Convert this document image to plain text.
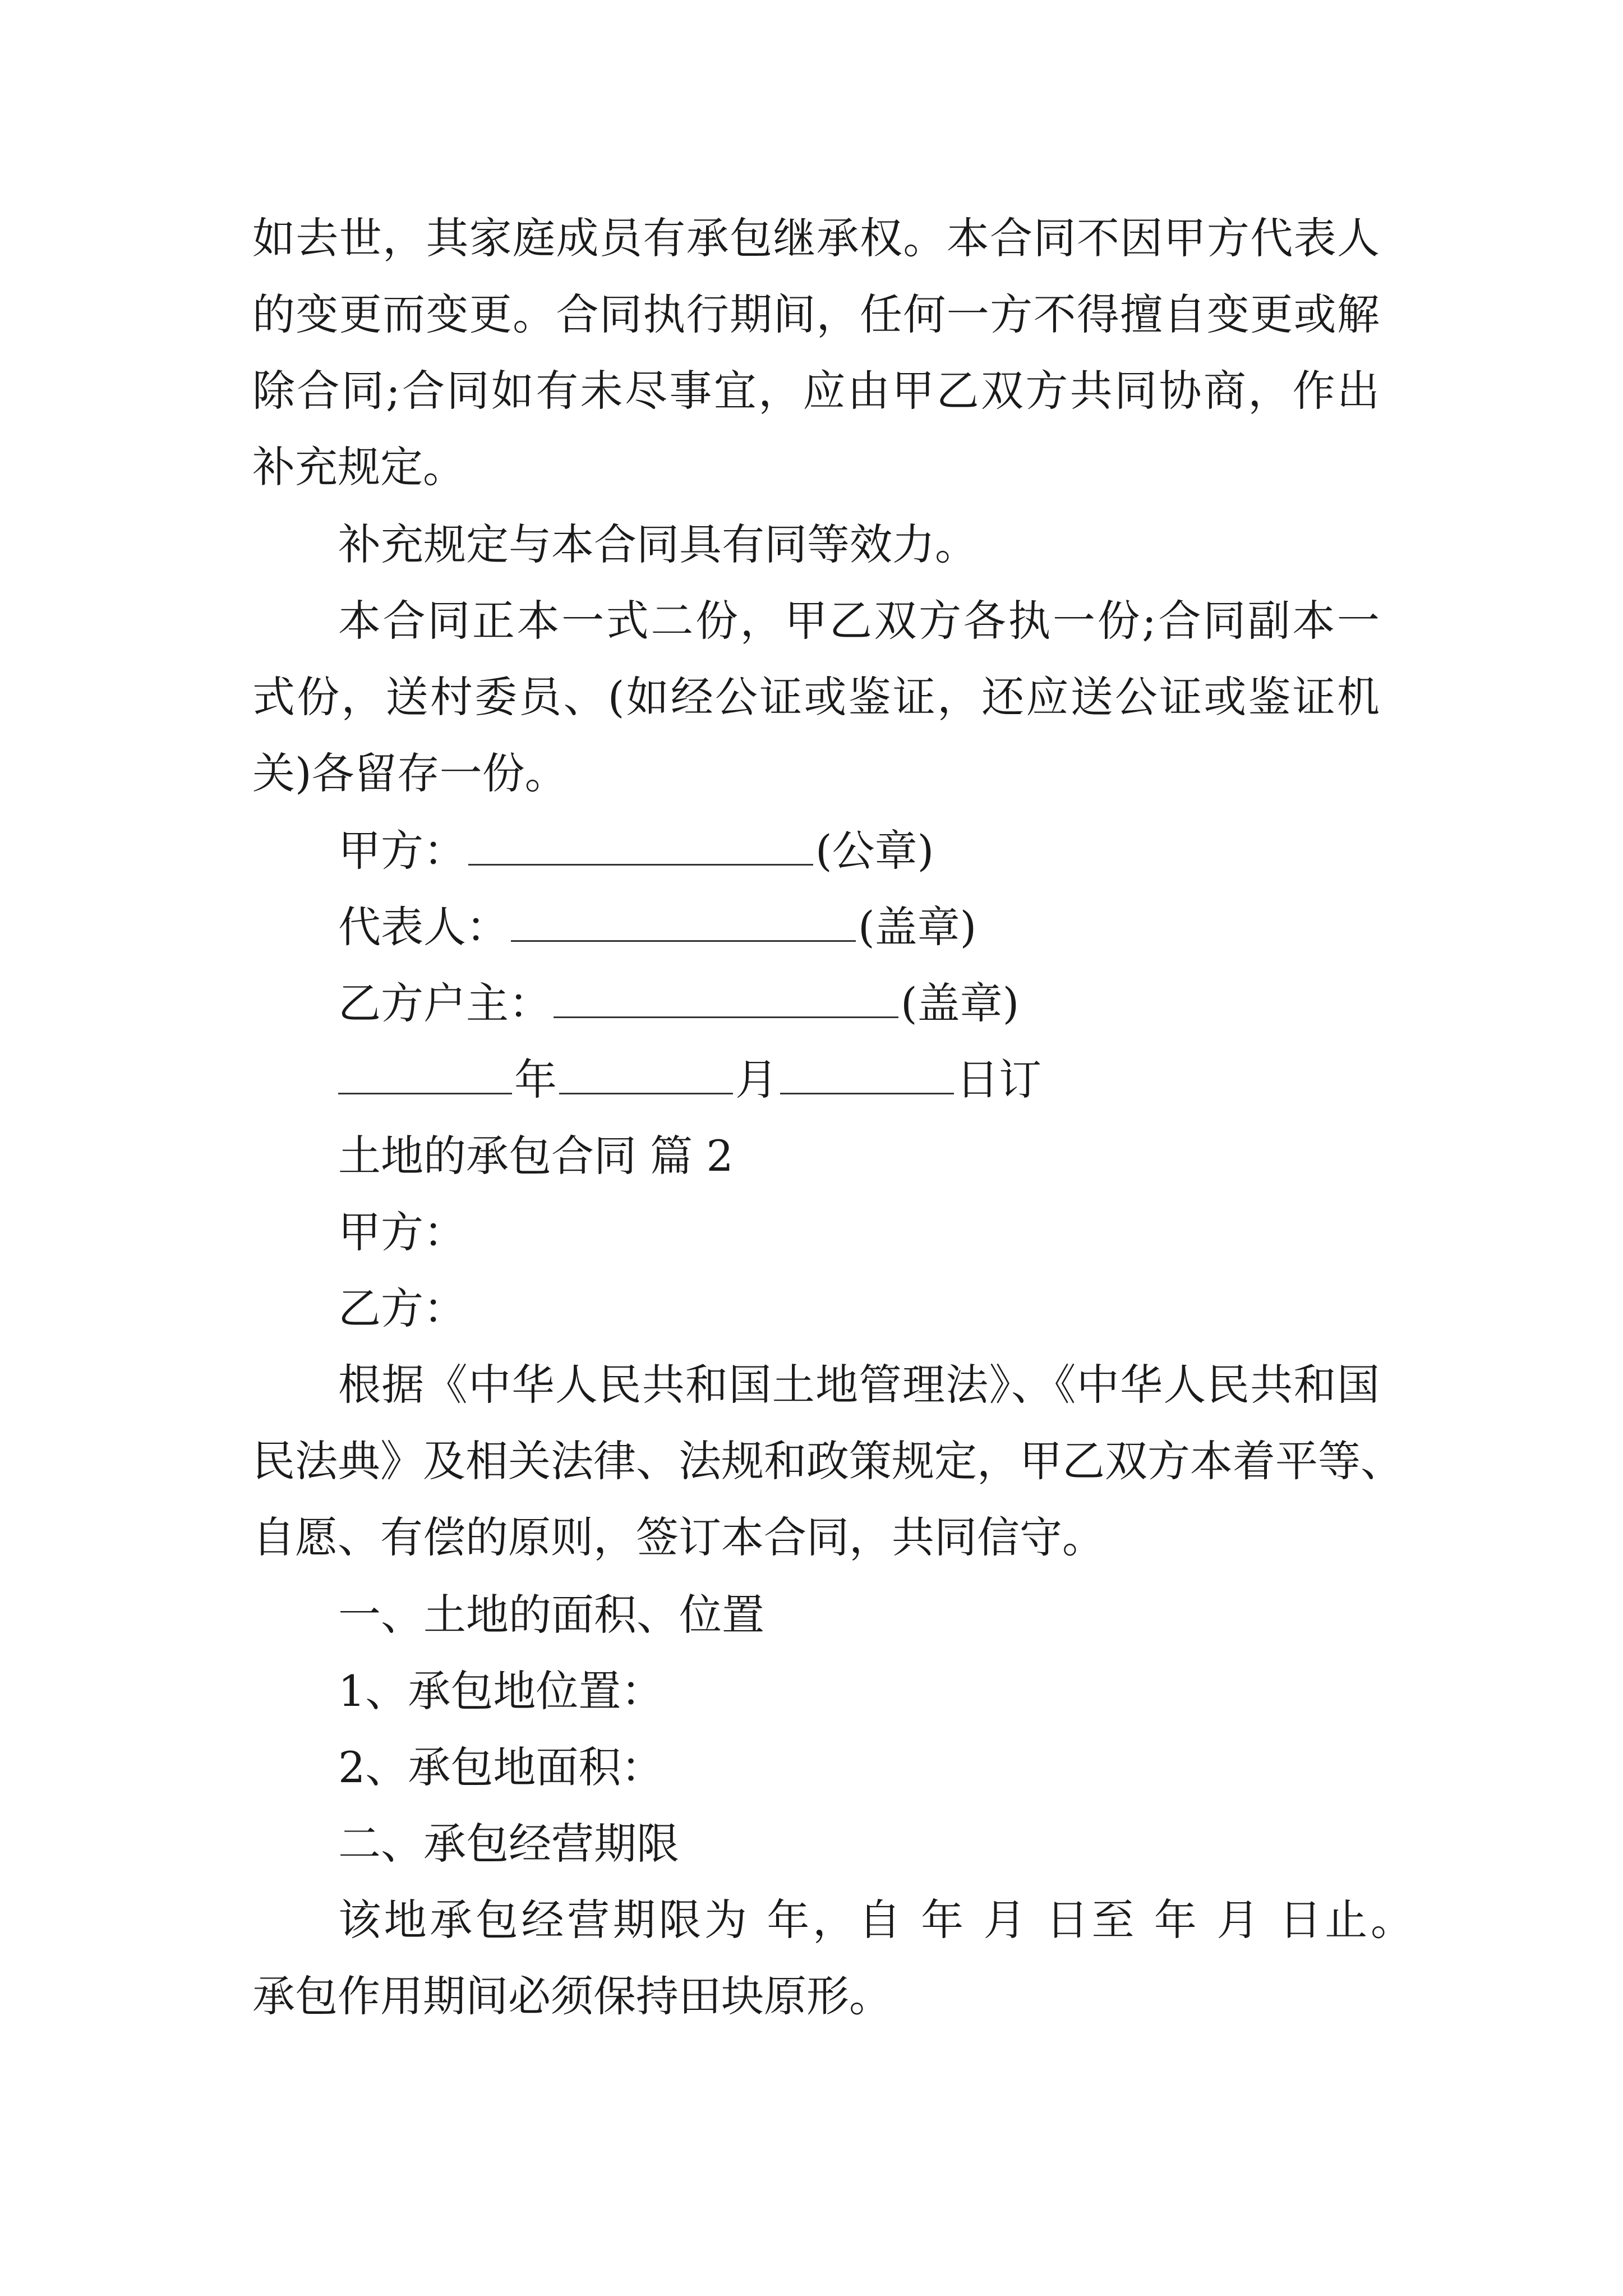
如去世，其家庭成员有承包继承权。本合同不因甲方代表人
的变更而变更。合同执行期间，任何一方不得擅自变更或解
除合同;合同如有未尽事宜，应由甲乙双方共同协商，作出
补充规定。
补充规定与本合同具有同等效力。
本合同正本一式二份，甲乙双方各执一份;合同副本一
式份，送村委员、(如经公证或鉴证，还应送公证或鉴证机
关)各留存一份。
甲方：	(公章)
代表人：	(盖章)
乙方户主：	(盖章)
年	月	日订
土地的承包合同 篇 2
甲方：
乙方：
根据《中华人民共和国土地管理法》、《中华人民共和国
民法典》及相关法律、法规和政策规定，甲乙双方本着平等、
自愿、有偿的原则，签订本合同，共同信守。
一、土地的面积、位置
1、承包地位置：
2、承包地面积：
二、承包经营期限
该地承包经营期限为 年，自 年 月 日至 年 月 日止。
承包作用期间必须保持田块原形。
